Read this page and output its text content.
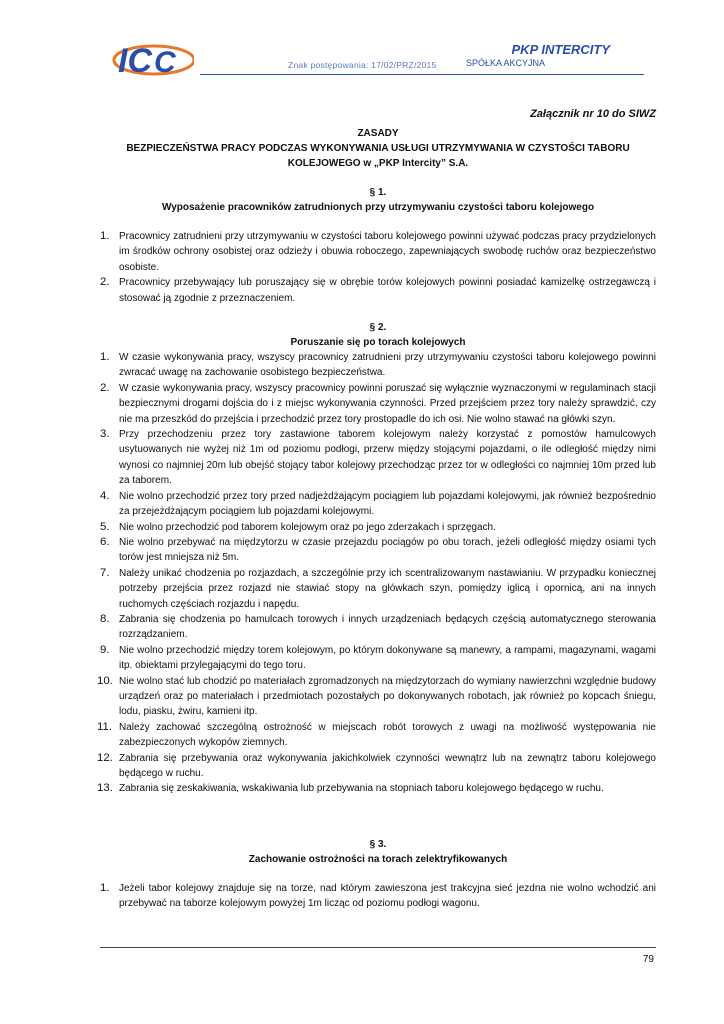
IC C	PKP INTERCITY
Znak postępowania: 17/02/PRZ/2015	SPÓŁKA AKCYJNA

Załącznik nr 10 do SIWZ

ZASADY

BEZPIECZEŃSTWA PRACY PODCZAS WYKONYWANIA USŁUGI UTRZYMYWANIA W CZYSTOŚCI TABORU

KOLEJOWEGO w „PKP Intercity” S.A.

§ 1.

Wyposażenie pracowników zatrudnionych przy utrzymywaniu czystości taboru kolejowego

1. Pracownicy zatrudnieni przy utrzymywaniu w czystości taboru kolejowego powinni używać podczas pracy przydzielonych im środków ochrony osobistej oraz odzieży i obuwia roboczego, zapewniających swobodę ruchów oraz bezpieczeństwo osobiste.
2. Pracownicy przebywający lub poruszający się w obrębie torów kolejowych powinni posiadać kamizelkę ostrzegawczą i stosować ją zgodnie z przeznaczeniem.

§ 2.

Poruszanie się po torach kolejowych

1. W czasie wykonywania pracy, wszyscy pracownicy zatrudnieni przy utrzymywaniu czystości taboru kolejowego powinni zwracać uwagę na zachowanie osobistego bezpieczeństwa.
2. W czasie wykonywania pracy, wszyscy pracownicy powinni poruszać się wyłącznie wyznaczonymi w regulaminach stacji bezpiecznymi drogami dojścia do i z miejsc wykonywania czynności. Przed przejściem przez tory należy sprawdzić, czy nie ma przeszkód do przejścia i przechodzić przez tory prostopadle do ich osi. Nie wolno stawać na główki szyn.
3. Przy przechodzeniu przez tory zastawione taborem kolejowym należy korzystać z pomostów hamulcowych usytuowanych nie wyżej niż 1m od poziomu podłogi, przerw między stojącymi pojazdami, o ile odległość między nimi wynosi co najmniej 20m lub obejść stojący tabor kolejowy przechodząc przez tor w odległości co najmniej 10m przed lub za taborem.
4. Nie wolno przechodzić przez tory przed nadjeżdżającym pociągiem lub pojazdami kolejowymi, jak również bezpośrednio za przejeżdżającym pociągiem lub pojazdami kolejowymi.
5. Nie wolno przechodzić pod taborem kolejowym oraz po jego zderzakach i sprzęgach.
6. Nie wolno przebywać na międzytorzu w czasie przejazdu pociągów po obu torach, jeżeli odległość między osiami tych torów jest mniejsza niż 5m.
7. Należy unikać chodzenia po rozjazdach, a szczególnie przy ich scentralizowanym nastawianiu. W przypadku koniecznej potrzeby przejścia przez rozjazd nie stawiać stopy na główkach szyn, pomiędzy iglicą i opornicą, ani na innych ruchomych częściach rozjazdu i napędu.
8. Zabrania się chodzenia po hamulcach torowych i innych urządzeniach będących częścią automatycznego sterowania rozrządzaniem.
9. Nie wolno przechodzić między torem kolejowym, po którym dokonywane są manewry, a rampami, magazynami, wagami itp. obiektami przylegającymi do tego toru.
10. Nie wolno stać lub chodzić po materiałach zgromadzonych na międzytorzach do wymiany nawierzchni względnie budowy urządzeń oraz po materiałach i przedmiotach pozostałych po dokonywanych robotach, jak również po kopcach śniegu, lodu, piasku, żwiru, kamieni itp.
11. Należy zachować szczególną ostrożność w miejscach robót torowych z uwagi na możliwość występowania nie zabezpieczonych wykopów ziemnych.
12. Zabrania się przebywania oraz wykonywania jakichkolwiek czynności wewnątrz lub na zewnątrz taboru kolejowego będącego w ruchu.
13. Zabrania się zeskakiwania, wskakiwania lub przebywania na stopniach taboru kolejowego będącego w ruchu.

§ 3.

Zachowanie ostrożności na torach zelektryfikowanych

1. Jeżeli tabor kolejowy znajduje się na torze, nad którym zawieszona jest trakcyjna sieć jezdna nie wolno wchodzić ani przebywać na taborze kolejowym powyżej 1m licząc od poziomu podłogi wagonu.
79
